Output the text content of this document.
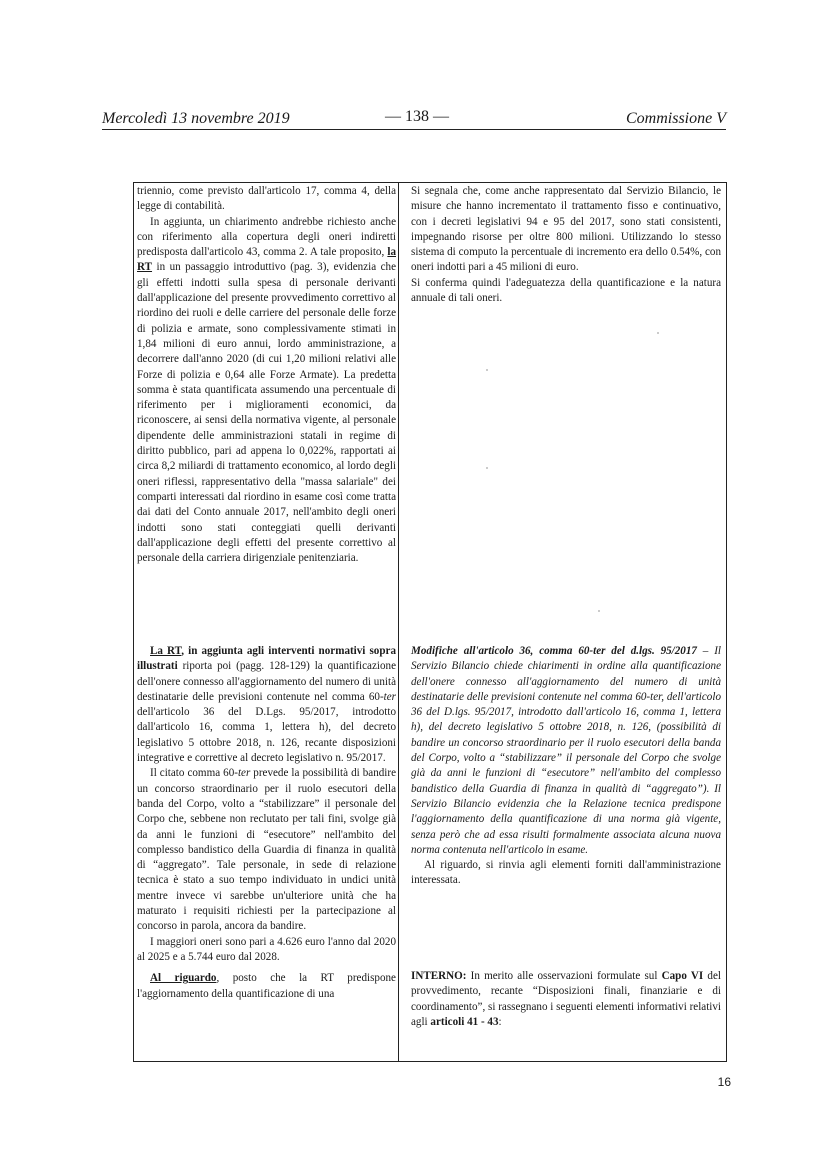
Mercoledì 13 novembre 2019	— 138 —	Commissione V

triennio, come previsto dall'articolo 17, comma 4, della legge di contabilità.

In aggiunta, un chiarimento andrebbe richiesto anche con riferimento alla copertura degli oneri indiretti predisposta dall'articolo 43, comma 2. A tale proposito, la RT in un passaggio introduttivo (pag. 3), evidenzia che gli effetti indotti sulla spesa di personale derivanti dall'applicazione del presente provvedimento correttivo al riordino dei ruoli e delle carriere del personale delle forze di polizia e armate, sono complessivamente stimati in 1,84 milioni di euro annui, lordo amministrazione, a decorrere dall'anno 2020 (di cui 1,20 milioni relativi alle Forze di polizia e 0,64 alle Forze Armate). La predetta somma è stata quantificata assumendo una percentuale di riferimento per i miglioramenti economici, da riconoscere, ai sensi della normativa vigente, al personale dipendente delle amministrazioni statali in regime di diritto pubblico, pari ad appena lo 0,022%, rapportati ai circa 8,2 miliardi di trattamento economico, al lordo degli oneri riflessi, rappresentativo della "massa salariale" dei comparti interessati dal riordino in esame così come tratta dai dati del Conto annuale 2017, nell'ambito degli oneri indotti sono stati conteggiati quelli derivanti dall'applicazione degli effetti del presente correttivo al personale della carriera dirigenziale penitenziaria.

Si segnala che, come anche rappresentato dal Servizio Bilancio, le misure che hanno incrementato il trattamento fisso e continuativo, con i decreti legislativi 94 e 95 del 2017, sono stati consistenti, impegnando risorse per oltre 800 milioni. Utilizzando lo stesso sistema di computo la percentuale di incremento era dello 0.54%, con oneri indotti pari a 45 milioni di euro.

Si conferma quindi l'adeguatezza della quantificazione e la natura annuale di tali oneri.

La RT, in aggiunta agli interventi normativi sopra illustrati riporta poi (pagg. 128-129) la quantificazione dell'onere connesso all'aggiornamento del numero di unità destinatarie delle previsioni contenute nel comma 60-ter dell'articolo 36 del D.Lgs. 95/2017, introdotto dall'articolo 16, comma 1, lettera h), del decreto legislativo 5 ottobre 2018, n. 126, recante disposizioni integrative e correttive al decreto legislativo n. 95/2017.

Il citato comma 60-ter prevede la possibilità di bandire un concorso straordinario per il ruolo esecutori della banda del Corpo, volto a “stabilizzare” il personale del Corpo che, sebbene non reclutato per tali fini, svolge già da anni le funzioni di “esecutore” nell'ambito del complesso bandistico della Guardia di finanza in qualità di “aggregato”. Tale personale, in sede di relazione tecnica è stato a suo tempo individuato in undici unità mentre invece vi sarebbe un'ulteriore unità che ha maturato i requisiti richiesti per la partecipazione al concorso in parola, ancora da bandire.

I maggiori oneri sono pari a 4.626 euro l'anno dal 2020 al 2025 e a 5.744 euro dal 2028.

Al riguardo, posto che la RT predispone l'aggiornamento della quantificazione di una

Modifiche all'articolo 36, comma 60-ter del d.lgs. 95/2017 – Il Servizio Bilancio chiede chiarimenti in ordine alla quantificazione dell'onere connesso all'aggiornamento del numero di unità destinatarie delle previsioni contenute nel comma 60-ter, dell'articolo 36 del D.lgs. 95/2017, introdotto dall'articolo 16, comma 1, lettera h), del decreto legislativo 5 ottobre 2018, n. 126, (possibilità di bandire un concorso straordinario per il ruolo esecutori della banda del Corpo, volto a “stabilizzare” il personale del Corpo che svolge già da anni le funzioni di “esecutore” nell'ambito del complesso bandistico della Guardia di finanza in qualità di “aggregato”). Il Servizio Bilancio evidenzia che la Relazione tecnica predispone l'aggiornamento della quantificazione di una norma già vigente, senza però che ad essa risulti formalmente associata alcuna nuova norma contenuta nell'articolo in esame.

Al riguardo, si rinvia agli elementi forniti dall'amministrazione interessata.

INTERNO: In merito alle osservazioni formulate sul Capo VI del provvedimento, recante “Disposizioni finali, finanziarie e di coordinamento”, si rassegnano i seguenti elementi informativi relativi agli articoli 41 - 43:

16
